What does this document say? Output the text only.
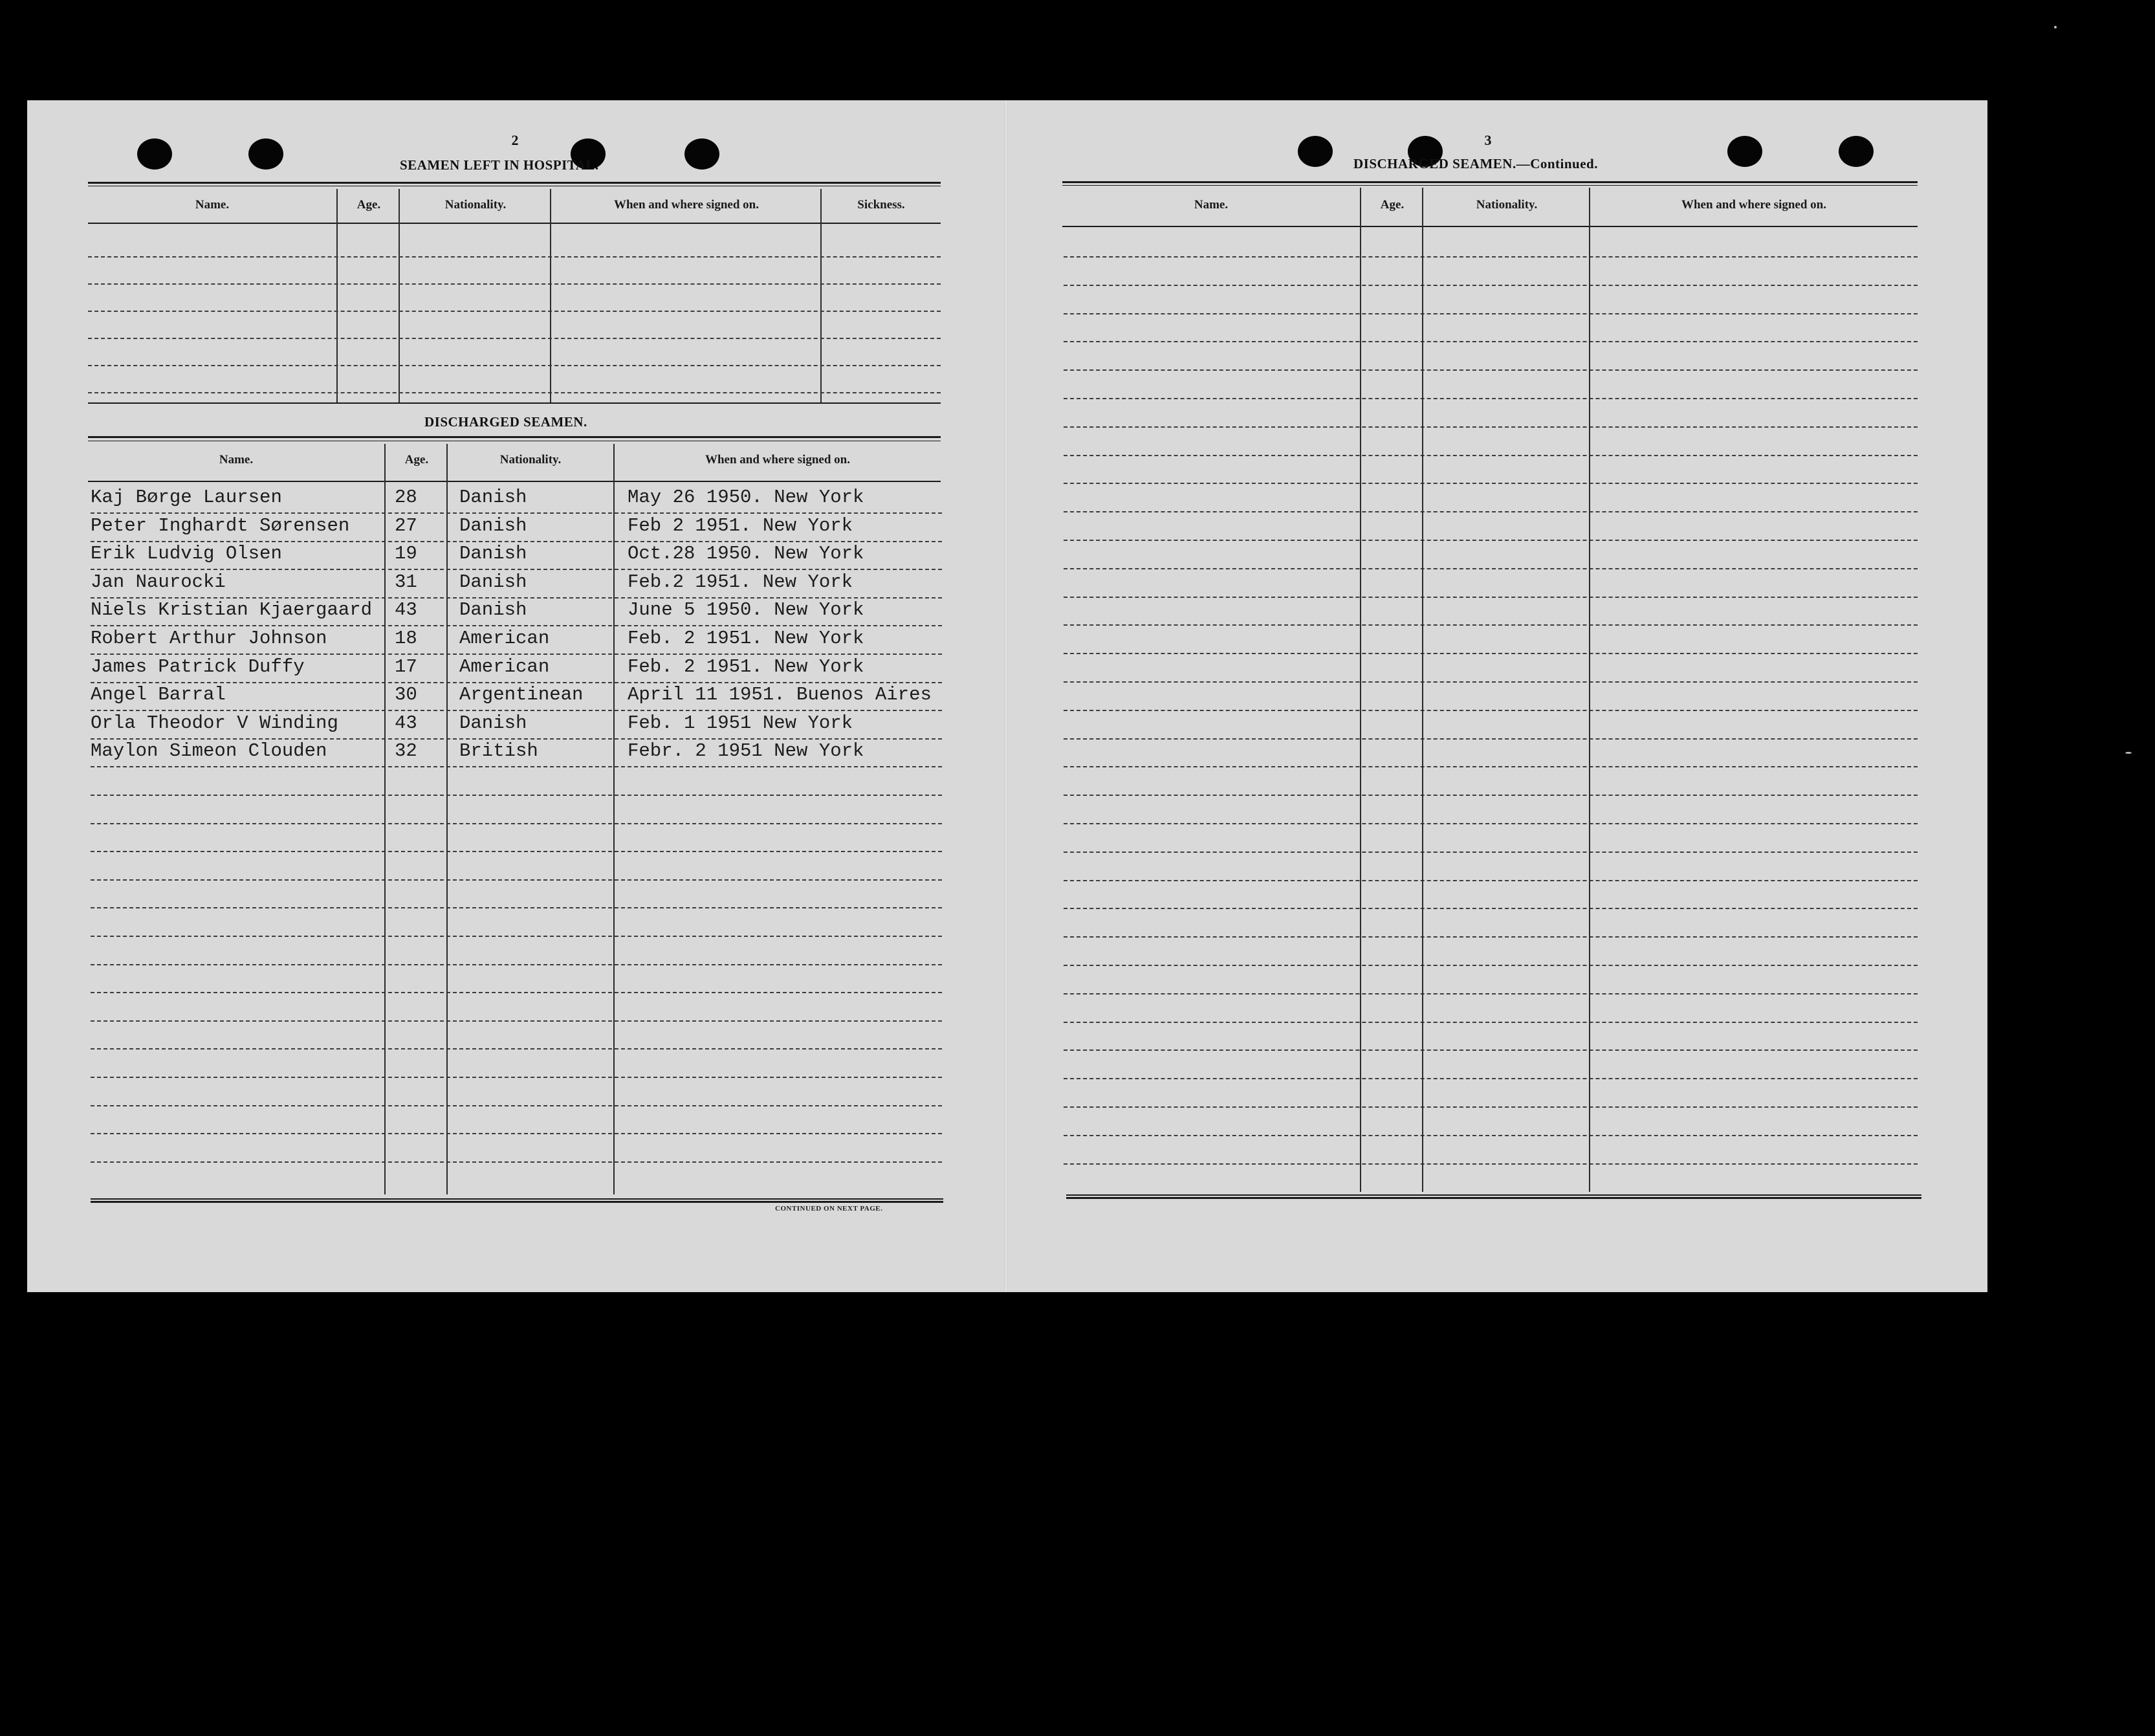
2
SEAMEN LEFT IN HOSPITAL.
Name.	Age.	Nationality.	When and where signed on.	Sickness.
DISCHARGED SEAMEN.
Name.	Age.	Nationality.	When and where signed on.
Kaj Børge Laursen	28 Danish	May 26 1950. New York
Peter Inghardt Sørensen 27 Danish	Feb 2 1951. New York
Erik Ludvig Olsen	19 Danish	Oct.28 1950. New York
Jan Naurocki	31 Danish	Feb.2 1951. New York
Niels Kristian Kjaergaard 43 Danish	June 5 1950. New York
Robert Arthur Johnson	18 American	Feb. 2 1951. New York
James Patrick Duffy	17 American	Feb. 2 1951. New York
Angel Barral	30 Argentinean April 11 1951. Buenos Aires
Orla Theodor V Winding	43 Danish	Feb. 1 1951 New York
Maylon Simeon Clouden	32 British	Febr. 2 1951 New York
CONTINUED ON NEXT PAGE.
3
DISCHARGED SEAMEN.—Continued.
Name.	Age.	Nationality.	When and where signed on.
